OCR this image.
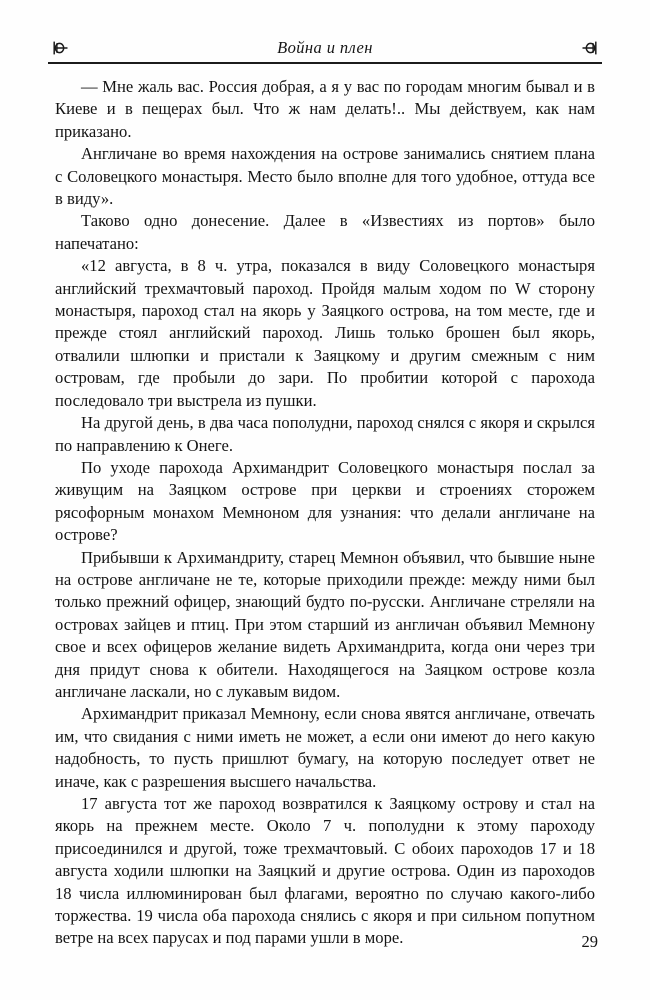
Война и плен

— Мне жаль вас. Россия добрая, а я у вас по городам многим бывал и в Киеве и в пещерах был. Что ж нам делать!.. Мы действуем, как нам приказано.

Англичане во время нахождения на острове занимались снятием плана с Соловецкого монастыря. Место было вполне для того удобное, оттуда все в виду».

Таково одно донесение. Далее в «Известиях из портов» было напечатано:

«12 августа, в 8 ч. утра, показался в виду Соловецкого монастыря английский трехмачтовый пароход. Пройдя малым ходом по W сторону монастыря, пароход стал на якорь у Заяцкого острова, на том месте, где и прежде стоял английский пароход. Лишь только брошен был якорь, отвалили шлюпки и пристали к Заяцкому и другим смежным с ним островам, где пробыли до зари. По пробитии которой с парохода последовало три выстрела из пушки.

На другой день, в два часа пополудни, пароход снялся с якоря и скрылся по направлению к Онеге.

По уходе парохода Архимандрит Соловецкого монастыря послал за живущим на Заяцком острове при церкви и строениях сторожем рясофорным монахом Мемноном для узнания: что делали англичане на острове?

Прибывши к Архимандриту, старец Мемнон объявил, что бывшие ныне на острове англичане не те, которые приходили прежде: между ними был только прежний офицер, знающий будто по-русски. Англичане стреляли на островах зайцев и птиц. При этом старший из англичан объявил Мемнону свое и всех офицеров желание видеть Архимандрита, когда они через три дня придут снова к обители. Находящегося на Заяцком острове козла англичане ласкали, но с лукавым видом.

Архимандрит приказал Мемнону, если снова явятся англичане, отвечать им, что свидания с ними иметь не может, а если они имеют до него какую надобность, то пусть пришлют бумагу, на которую последует ответ не иначе, как с разрешения высшего начальства.

17 августа тот же пароход возвратился к Заяцкому острову и стал на якорь на прежнем месте. Около 7 ч. пополудни к этому пароходу присоединился и другой, тоже трехмачтовый. С обоих пароходов 17 и 18 августа ходили шлюпки на Заяцкий и другие острова. Один из пароходов 18 числа иллюминирован был флагами, вероятно по случаю какого-либо торжества. 19 числа оба парохода снялись с якоря и при сильном попутном ветре на всех парусах и под парами ушли в море.	29
